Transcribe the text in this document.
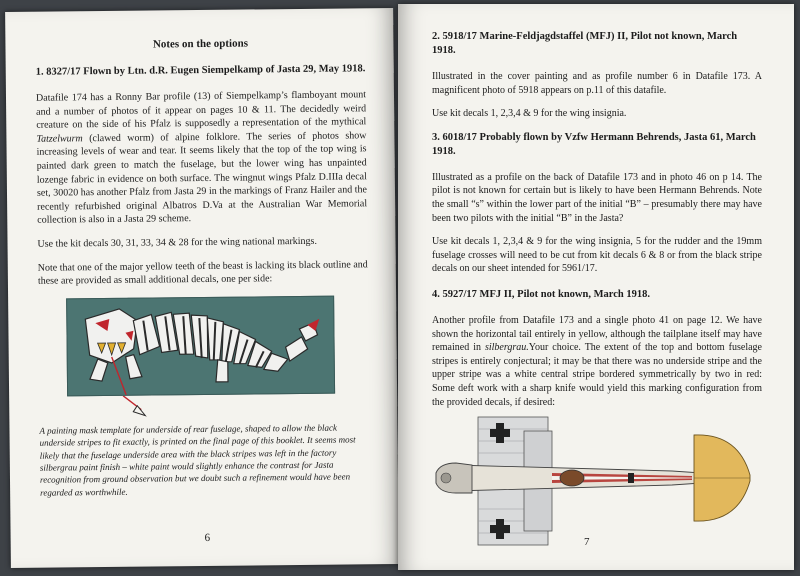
Notes on the options
1. 8327/17 Flown by Ltn. d.R. Eugen Siempelkamp of Jasta 29, May 1918.
Datafile 174 has a Ronny Bar profile (13) of Siempelkamp’s flamboyant mount and a number of photos of it appear on pages 10 & 11. The decidedly weird creature on the side of his Pfalz is supposedly a representation of the mythical Tatzelwurm (clawed worm) of alpine folklore. The series of photos show increasing levels of wear and tear. It seems likely that the top of the top wing is painted dark green to match the fuselage, but the lower wing has unpainted lozenge fabric in evidence on both surface. The wingnut wings Pfalz D.IIIa decal set, 30020 has another Pfalz from Jasta 29 in the markings of Franz Hailer and the recently refurbished original Albatros D.Va at the Australian War Memorial collection is also in a Jasta 29 scheme.
Use the kit decals 30, 31, 33, 34 & 28 for the wing national markings.
Note that one of the major yellow teeth of the beast is lacking its black outline and these are provided as small additional decals, one per side:
A painting mask template for underside of rear fuselage, shaped to allow the black underside stripes to fit exactly, is printed on the final page of this booklet. It seems most likely that the fuselage underside area with the black stripes was left in the factory silbergrau paint finish – white paint would slightly enhance the contrast for Jasta recognition from ground observation but we doubt such a refinement would have been regarded as worthwhile.
6
2. 5918/17 Marine-Feldjagdstaffel (MFJ) II, Pilot not known, March 1918.
Illustrated in the cover painting and as profile number 6 in Datafile 173. A magnificent photo of 5918 appears on p.11 of this datafile.
Use kit decals 1, 2,3,4 & 9 for the wing insignia.
3. 6018/17 Probably flown by Vzfw Hermann Behrends, Jasta 61, March 1918.
Illustrated as a profile on the back of Datafile 173 and in photo 46 on p 14. The pilot is not known for certain but is likely to have been Hermann Behrends. Note the small “s” within the lower part of the initial “B” – presumably there may have been two pilots with the initial “B” in the Jasta?
Use kit decals 1, 2,3,4 & 9 for the wing insignia, 5 for the rudder and the 19mm fuselage crosses will need to be cut from kit decals 6 & 8 or from the black stripe decals on our sheet intended for 5961/17.
4. 5927/17 MFJ II, Pilot not known, March 1918.
Another profile from Datafile 173 and a single photo 41 on page 12. We have shown the horizontal tail entirely in yellow, although the tailplane itself may have remained in silbergrau.Your choice. The extent of the top and bottom fuselage stripes is entirely conjectural; it may be that there was no underside stripe and the upper stripe was a white central stripe bordered symmetrically by two in red: Some deft work with a sharp knife would yield this marking configuration from the provided decals, if desired:
7
